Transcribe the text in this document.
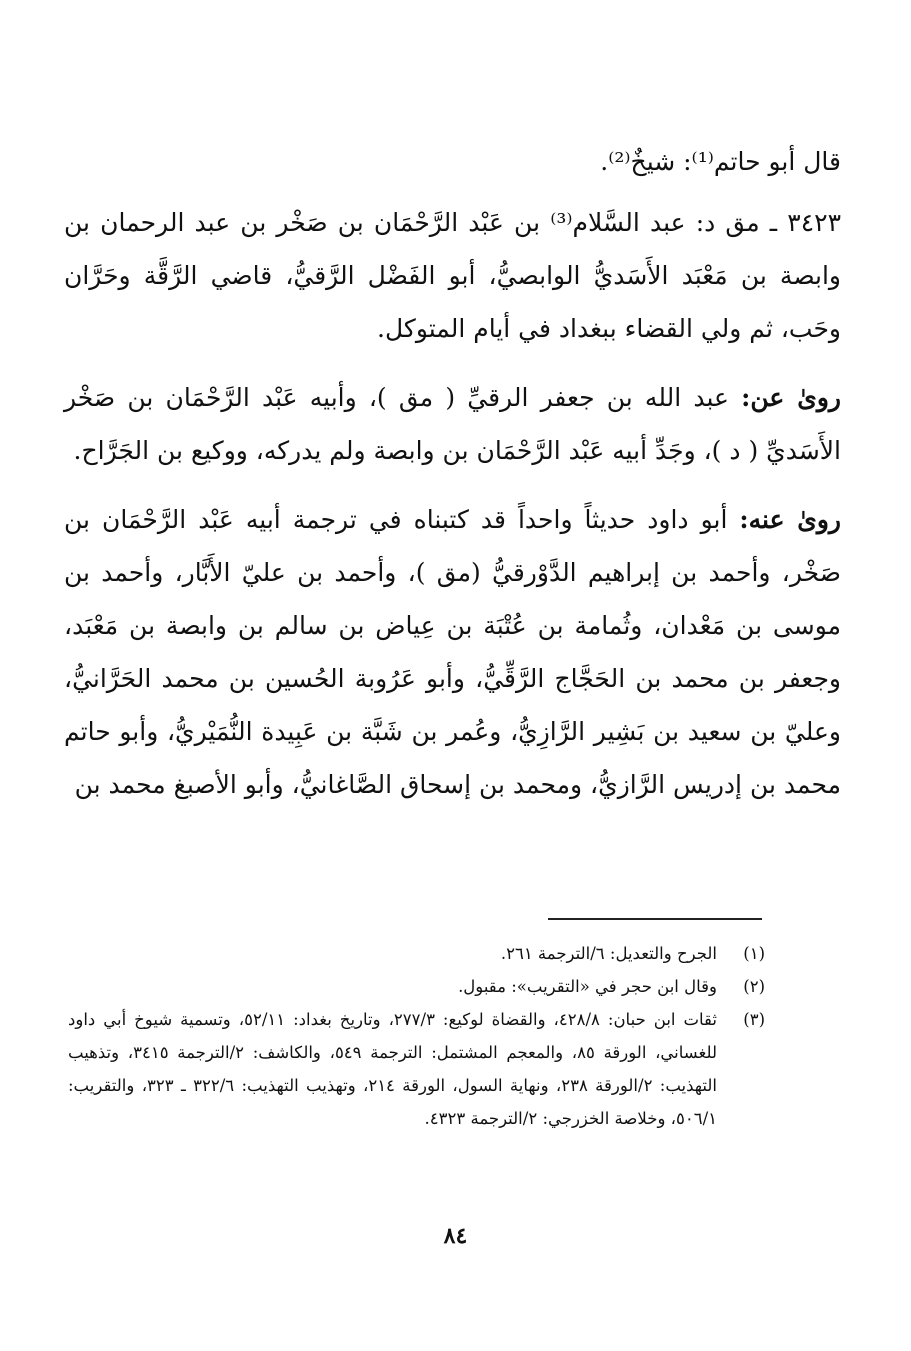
قال أبو حاتم⁽¹⁾: شيخٌ⁽²⁾.

٣٤٢٣ ـ مق د: عبد السَّلام⁽³⁾ بن عَبْد الرَّحْمَان بن صَخْر بن عبد الرحمان بن وابصة بن مَعْبَد الأَسَديُّ الوابصيُّ، أبو الفَضْل الرَّقيُّ، قاضي الرَّقَّة وحَرَّان وحَب، ثم ولي القضاء ببغداد في أيام المتوكل.

روىٰ عن: عبد الله بن جعفر الرقيِّ ( مق )، وأبيه عَبْد الرَّحْمَان بن صَخْر الأَسَديِّ ( د )، وجَدِّ أبيه عَبْد الرَّحْمَان بن وابصة ولم يدركه، ووكيع بن الجَرَّاح.

روىٰ عنه: أبو داود حديثاً واحداً قد كتبناه في ترجمة أبيه عَبْد الرَّحْمَان بن صَخْر، وأحمد بن إبراهيم الدَّوْرقيُّ (مق )، وأحمد بن عليّ الأَبَّار، وأحمد بن موسى بن مَعْدان، وثُمامة بن عُتْبَة بن عِياض بن سالم بن وابصة بن مَعْبَد، وجعفر بن محمد بن الحَجَّاج الرَّقِّيُّ، وأبو عَرُوبة الحُسين بن محمد الحَرَّانيُّ، وعليّ بن سعيد بن بَشِير الرَّازِيُّ، وعُمر بن شَبَّة بن عَبِيدة النُّمَيْريُّ، وأبو حاتم محمد بن إدريس الرَّازيُّ، ومحمد بن إسحاق الصَّاغانيُّ، وأبو الأصبغ محمد بن

(١)
الجرح والتعديل: ٦/الترجمة ٢٦١.
(٢)
وقال ابن حجر في «التقريب»: مقبول.
(٣)
ثقات ابن حبان: ٤٢٨/٨، والقضاة لوكيع: ٢٧٧/٣، وتاريخ بغداد: ٥٢/١١، وتسمية شيوخ أبي داود للغساني، الورقة ٨٥، والمعجم المشتمل: الترجمة ٥٤٩، والكاشف: ٢/الترجمة ٣٤١٥، وتذهيب التهذيب: ٢/الورقة ٢٣٨، ونهاية السول، الورقة ٢١٤، وتهذيب التهذيب: ٣٢٢/٦ ـ ٣٢٣، والتقريب: ٥٠٦/١، وخلاصة الخزرجي: ٢/الترجمة ٤٣٢٣.
٨٤
